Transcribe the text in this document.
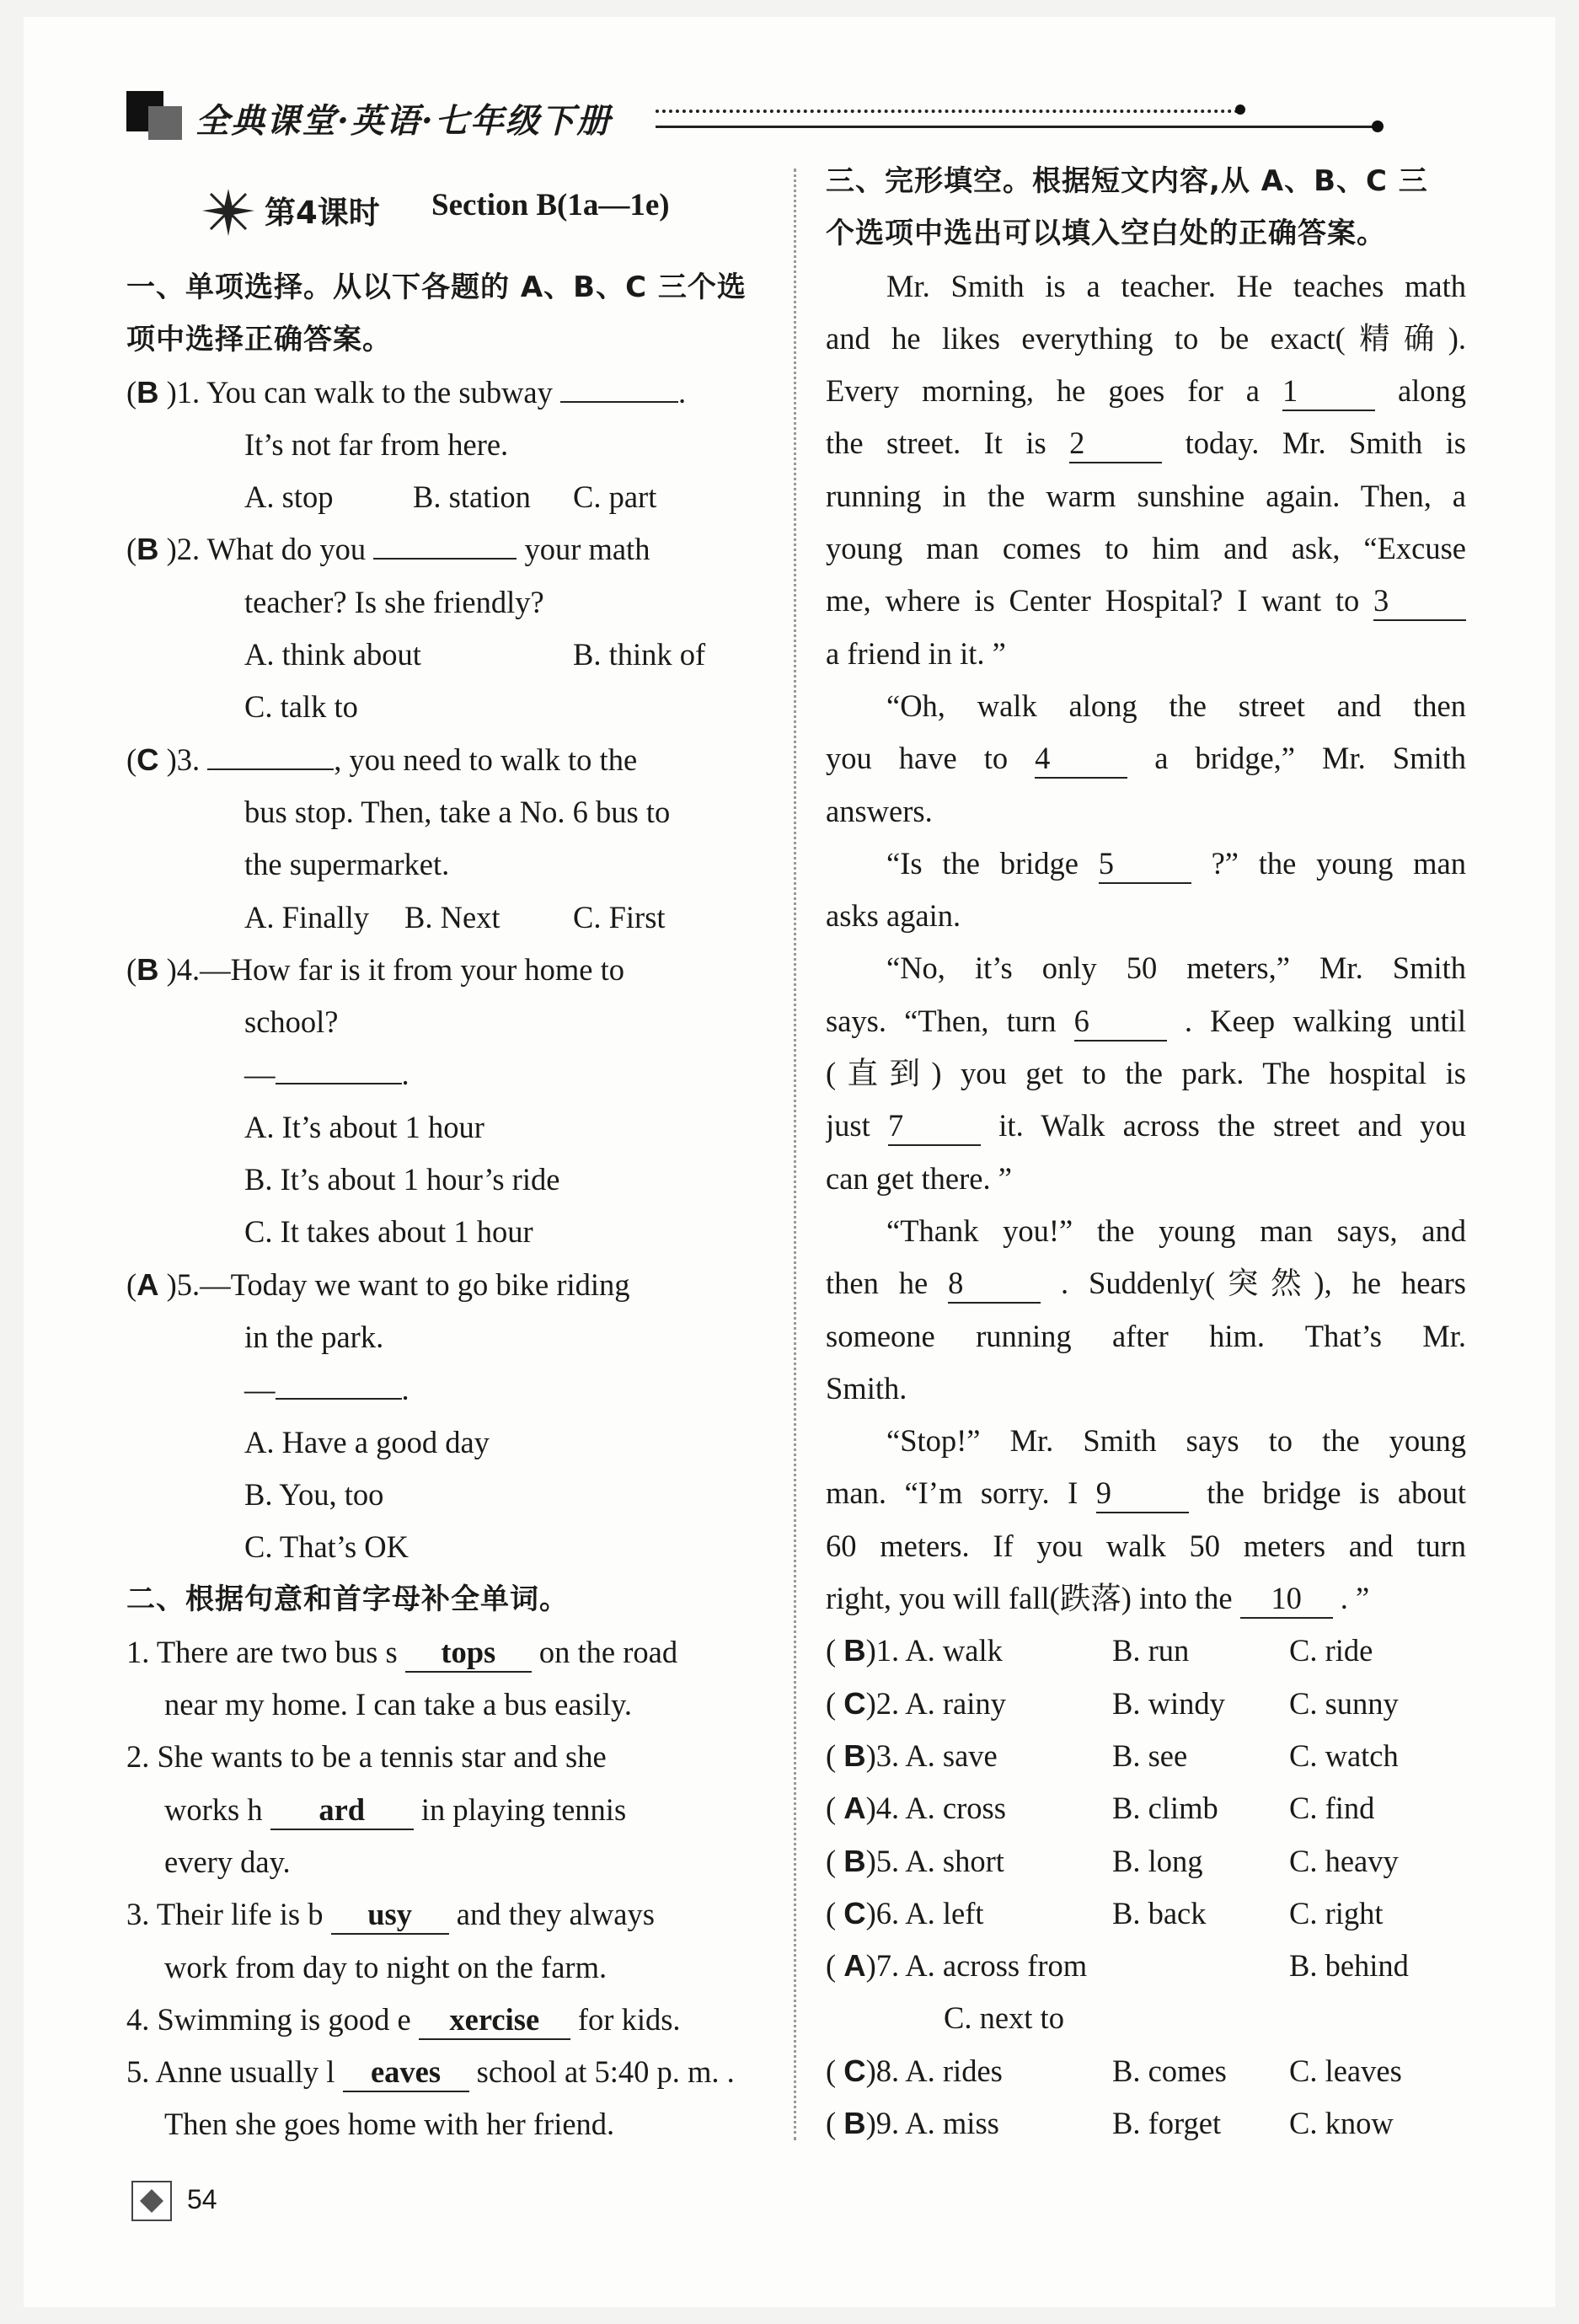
全典课堂·英语·七年级下册
第4课时 Section B(1a—1e)
一、单项选择。从以下各题的 A、B、C 三个选
项中选择正确答案。
(B )1. You can walk to the subway	.
It’s not far from here.
A. stop	B. station C. part
(B )2. What do you	your math
teacher? Is she friendly?
A. think about	B. think of
C. talk to
(C )3.	, you need to walk to the
bus stop. Then, take a No. 6 bus to
the supermarket.
A. Finally B. Next C. First
(B )4.—How far is it from your home to
school?
—	.
A. It’s about 1 hour
B. It’s about 1 hour’s ride
C. It takes about 1 hour
(A )5.—Today we want to go bike riding
in the park.
—	.
A. Have a good day
B. You, too
C. That’s OK
二、根据句意和首字母补全单词。
1. There are two bus s tops on the road
near my home. I can take a bus easily.
2. She wants to be a tennis star and she
works h ard in playing tennis
every day.
3. Their life is b usy and they always
work from day to night on the farm.
4. Swimming is good e xercise for kids.
5. Anne usually l eaves school at 5:40 p. m. .
Then she goes home with her friend.
三、完形填空。根据短文内容,从 A、B、C 三
个选项中选出可以填入空白处的正确答案。
Mr. Smith is a teacher. He teaches math
and he likes everything to be exact(精确).
Every morning, he goes for a 1	along
the street. It is 2	today. Mr. Smith is
running in the warm sunshine again. Then, a
young man comes to him and ask, “Excuse
me, where is Center Hospital? I want to 3
a friend in it. ”
“Oh, walk along the street and then
you have to 4	a bridge,” Mr. Smith
answers.
“Is the bridge 5	?” the young man
asks again.
“No, it’s only 50 meters,” Mr. Smith
says. “Then, turn 6	. Keep walking until
(直到) you get to the park. The hospital is
just 7	it. Walk across the street and you
can get there. ”
“Thank you!” the young man says, and
then he 8	. Suddenly(突然), he hears
someone running after him. That’s Mr.
Smith.
“Stop!” Mr. Smith says to the young
man. “I’m sorry. I 9	the bridge is about
60 meters. If you walk 50 meters and turn
right, you will fall(跌落) into the 10 . ”
( B)1. A. walk	B. run	C. ride
( C)2. A. rainy	B. windy C. sunny
( B)3. A. save	B. see	C. watch
( A)4. A. cross	B. climb C. find
( B)5. A. short	B. long	C. heavy
( C)6. A. left	B. back	C. right
( A)7. A. across from	B. behind
C. next to
( C)8. A. rides	B. comes C. leaves
( B)9. A. miss	B. forget C. know
54
